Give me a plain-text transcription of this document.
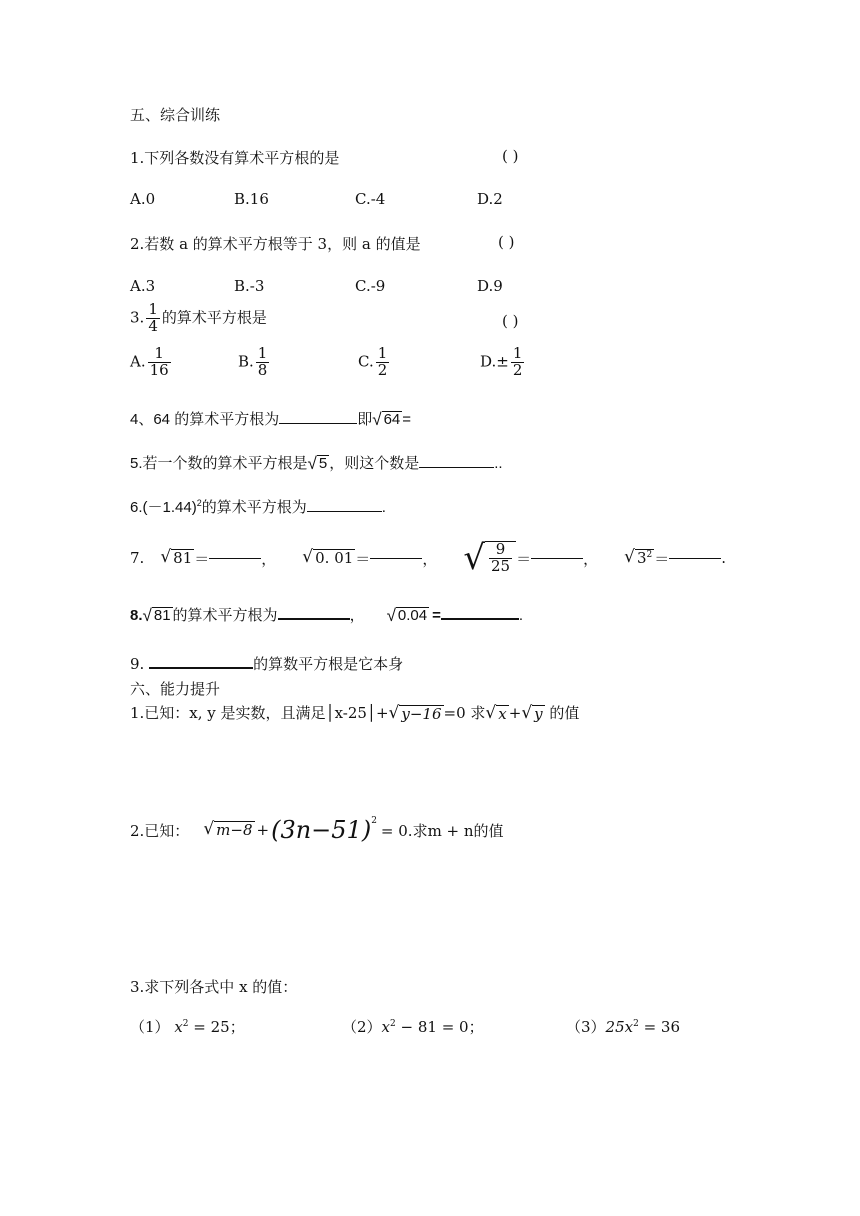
五、综合训练
1.下列各数没有算术平方根的是	( )
A.0	B.16	C.-4	D.2
2.若数 a 的算术平方根等于 3，则 a 的值是	( )
A.3	B.-3	C.-9	D.9
3. $\frac{1}{4}$ 的算术平方根是	( )
A. $\frac{1}{16}$	B. $\frac{1}{8}$	C. $\frac{1}{2}$	$D.\pm \frac{1}{2}$
4、64 的算术平方根为	即 √ 64 =
5.若一个数的算术平方根是 √ 5 ，则这个数是	..
$6.(-1.44)^2$的算术平方根为	.
7. √ 81 ＝	， √ 0. 01 ＝	， √ $\frac{9}{25}$ ＝	， √ $3^2$ ＝	.
8. √ 81 的算术平方根为	， √ 0.04 =	.
9.	的算数平方根是它本身
六、能力提升
1.已知：x, y 是实数，且满足│x-25│+ √ y−16 =0 求 √ x + √ y 的值
2.已知： √ $m-8 + (3n-51)^2$
= 0.求m + n的值
3.求下列各式中 x 的值：
（1） $x^2 = 25$；	$(2)x^2 - 81 = 0$；	$(3)25x^2 = 36$
